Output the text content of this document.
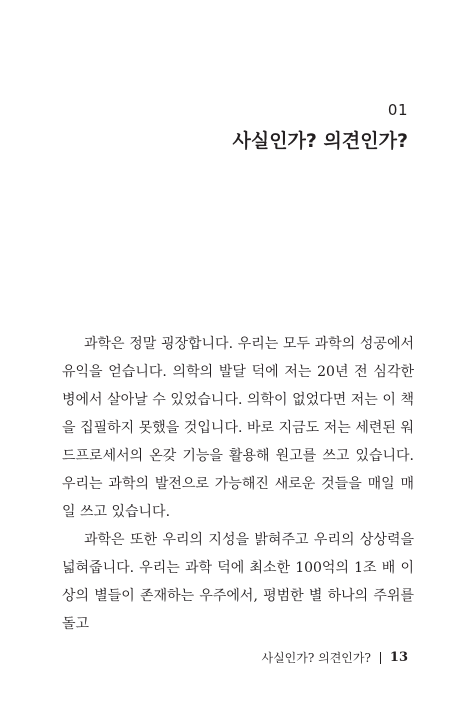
01
사실인가? 의견인가?

과학은 정말 굉장합니다. 우리는 모두 과학의 성공에서 유익을 얻습니다. 의학의 발달 덕에 저는 20년 전 심각한 병에서 살아날 수 있었습니다. 의학이 없었다면 저는 이 책을 집필하지 못했을 것입니다. 바로 지금도 저는 세련된 워드프로세서의 온갖 기능을 활용해 원고를 쓰고 있습니다. 우리는 과학의 발전으로 가능해진 새로운 것들을 매일 매일 쓰고 있습니다.

과학은 또한 우리의 지성을 밝혀주고 우리의 상상력을 넓혀줍니다. 우리는 과학 덕에 최소한 100억의 1조 배 이상의 별들이 존재하는 우주에서, 평범한 별 하나의 주위를 돌고

사실인가? 의견인가? 13
